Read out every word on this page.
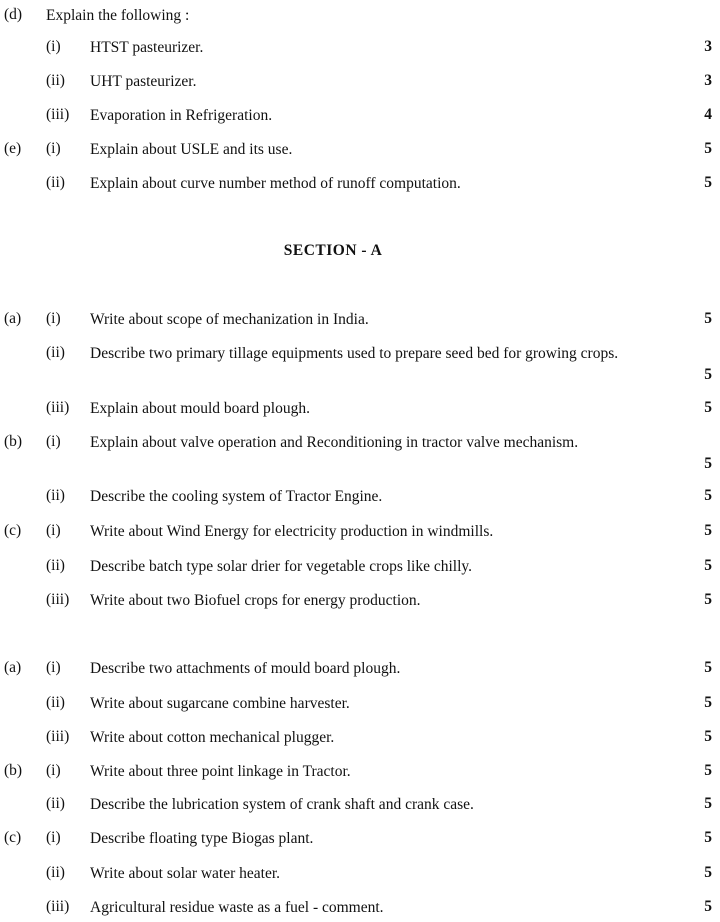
(d) Explain the following :
(i) HTST pasteurizer.	3
(ii) UHT pasteurizer.	3
(iii) Evaporation in Refrigeration.	4
(e) (i) Explain about USLE and its use.	5
(ii) Explain about curve number method of runoff computation.	5
SECTION - A
(a) (i) Write about scope of mechanization in India.	5
(ii) Describe two primary tillage equipments used to prepare seed bed for growing crops.
5
(iii) Explain about mould board plough.	5
(b) (i) Explain about valve operation and Reconditioning in tractor valve mechanism.
5
(ii) Describe the cooling system of Tractor Engine.	5
(c) (i) Write about Wind Energy for electricity production in windmills.	5
(ii) Describe batch type solar drier for vegetable crops like chilly.	5
(iii) Write about two Biofuel crops for energy production.	5
(a) (i) Describe two attachments of mould board plough.	5
(ii) Write about sugarcane combine harvester.	5
(iii) Write about cotton mechanical plugger.	5
(b) (i) Write about three point linkage in Tractor.	5
(ii) Describe the lubrication system of crank shaft and crank case.	5
(c) (i) Describe floating type Biogas plant.	5
(ii) Write about solar water heater.	5
(iii) Agricultural residue waste as a fuel - comment.	5
